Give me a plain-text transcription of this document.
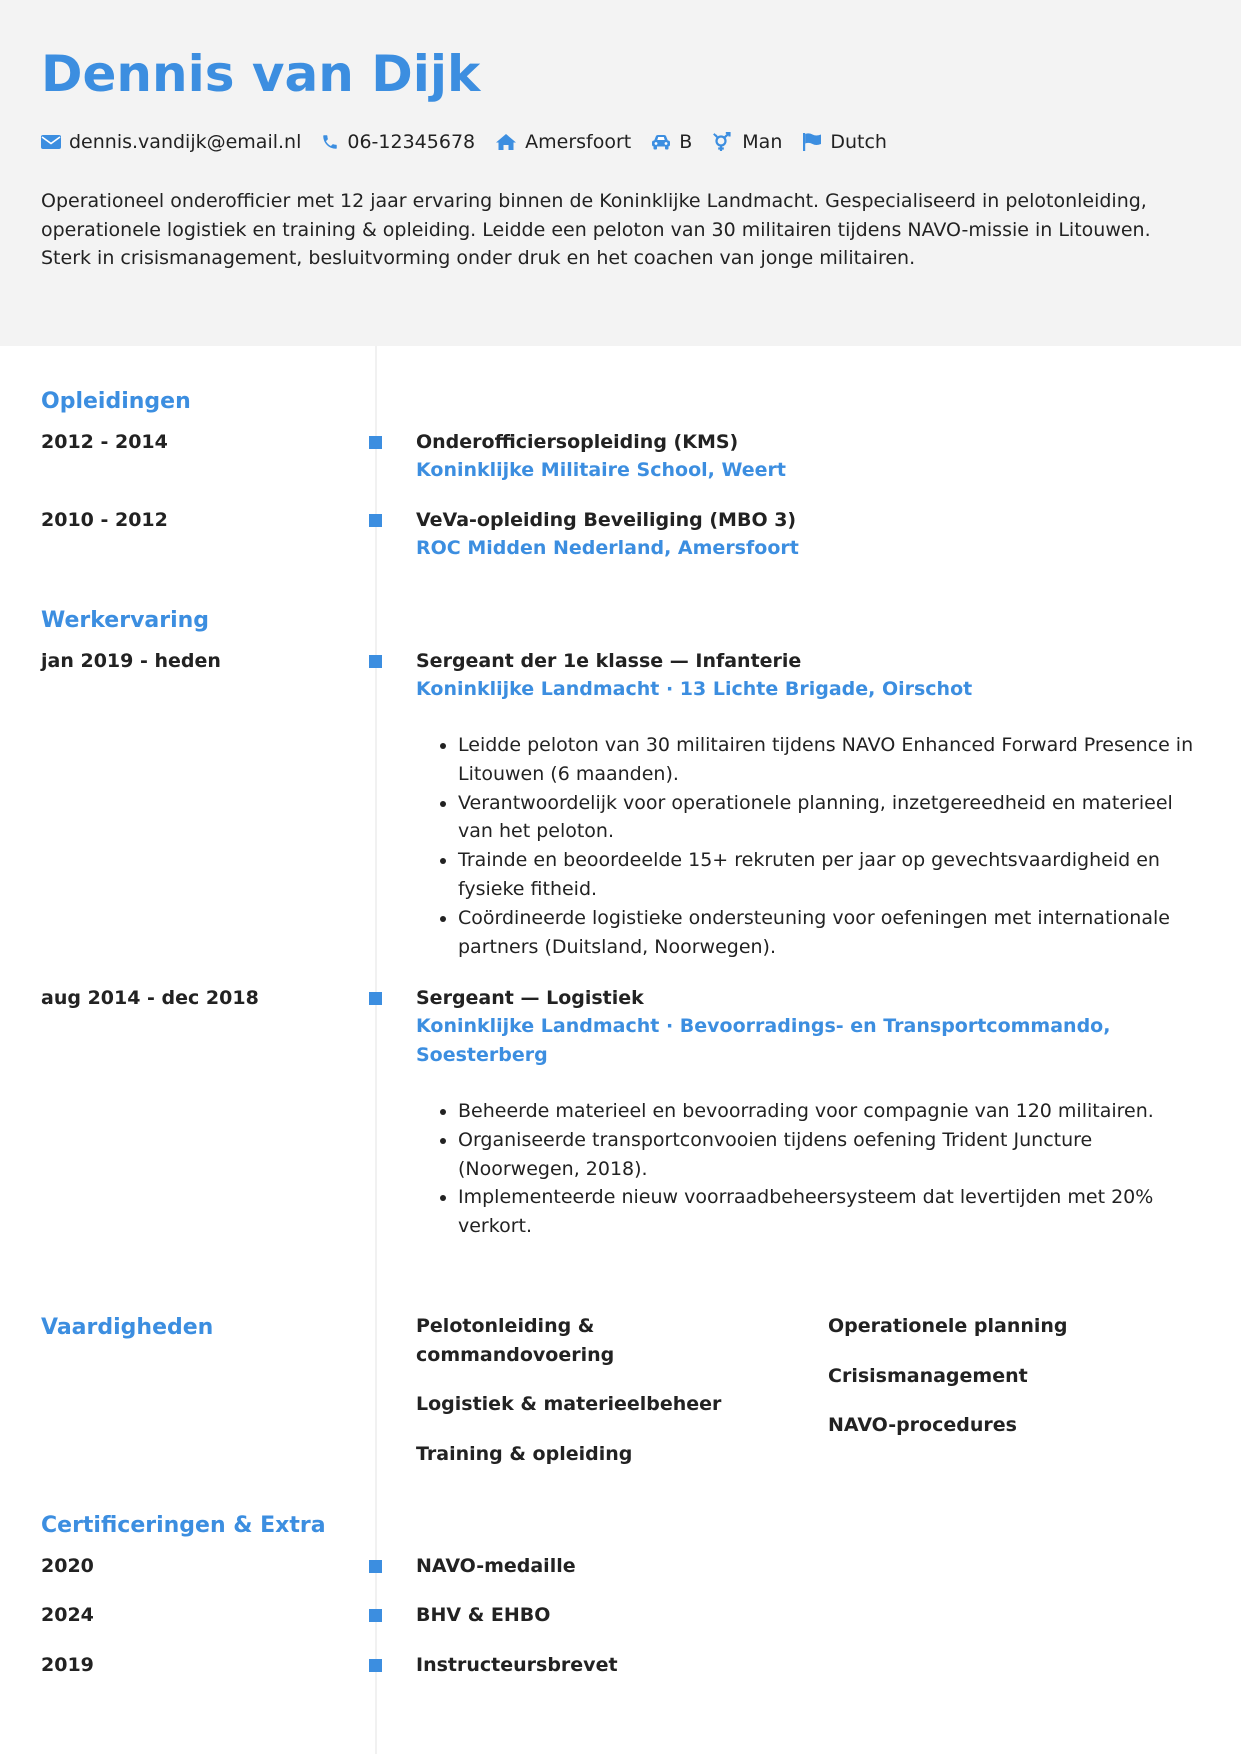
Dennis van Dijk
dennis.vandijk@email.nl 06-12345678	Amersfoort	B	Man	Dutch

Operationeel onderofficier met 12 jaar ervaring binnen de Koninklijke Landmacht. Gespecialiseerd in pelotonleiding, operationele logistiek en training & opleiding. Leidde een peloton van 30 militairen tijdens NAVO-missie in Litouwen. Sterk in crisismanagement, besluitvorming onder druk en het coachen van jonge militairen.

Opleidingen
2012 - 2014	Onderofficiersopleiding (KMS)
Koninklijke Militaire School, Weert
2010 - 2012	VeVa-opleiding Beveiliging (MBO 3)
ROC Midden Nederland, Amersfoort
Werkervaring
jan 2019 - heden	Sergeant der 1e klasse — Infanterie
Koninklijke Landmacht · 13 Lichte Brigade, Oirschot
• Leidde peloton van 30 militairen tijdens NAVO Enhanced Forward Presence in Litouwen (6 maanden).
• Verantwoordelijk voor operationele planning, inzetgereedheid en materieel van het peloton.
• Trainde en beoordeelde 15+ rekruten per jaar op gevechtsvaardigheid en fysieke fitheid.
• Coördineerde logistieke ondersteuning voor oefeningen met internationale partners (Duitsland, Noorwegen).
aug 2014 - dec 2018	Sergeant — Logistiek
Koninklijke Landmacht · Bevoorradings- en Transportcommando, Soesterberg
• Beheerde materieel en bevoorrading voor compagnie van 120 militairen.
• Organiseerde transportconvooien tijdens oefening Trident Juncture (Noorwegen, 2018).
• Implementeerde nieuw voorraadbeheersysteem dat levertijden met 20% verkort.
Vaardigheden	Pelotonleiding & commandovoering
Logistiek & materieelbeheer
Training & opleiding
Operationele planning
Crisismanagement
NAVO-procedures
Certificeringen & Extra
2020	NAVO-medaille
2024	BHV & EHBO
2019	Instructeursbrevet
